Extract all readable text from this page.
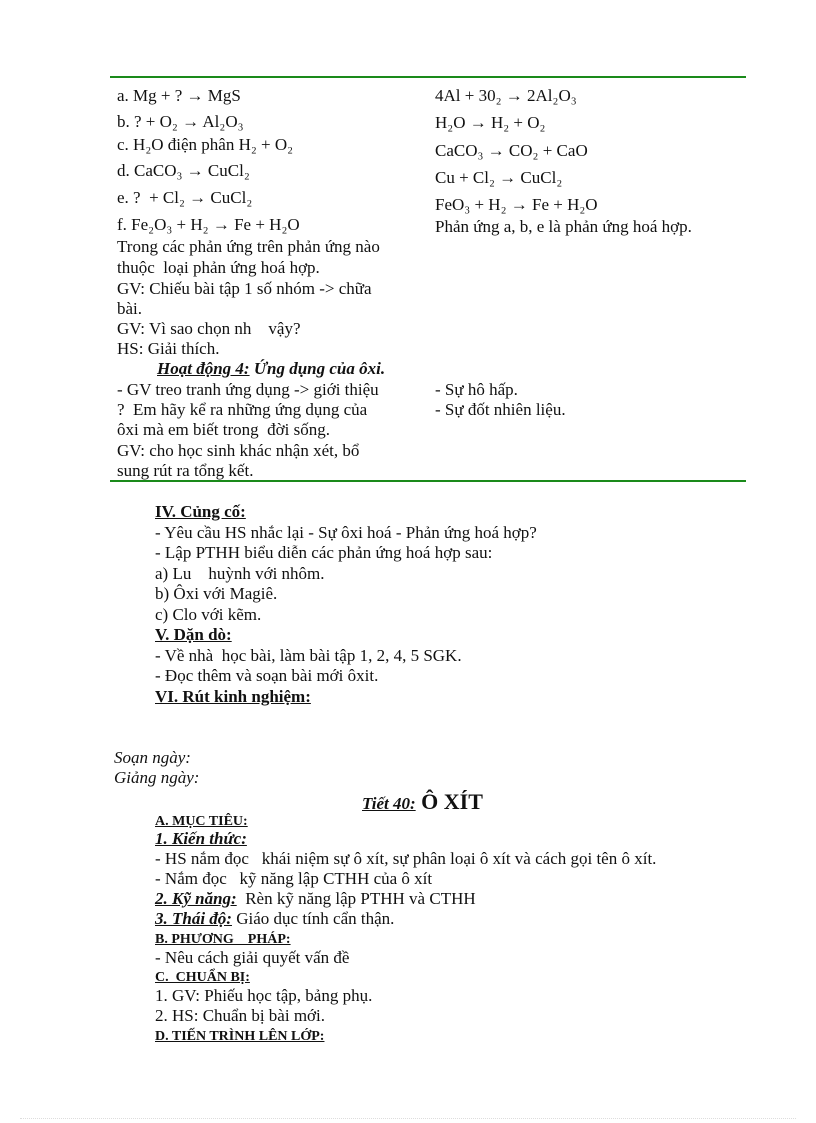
a. Mg + ? → MgS
b. ? + O₂ → Al₂O₃
c. H₂O điện phân H₂ + O₂
d. CaCO₃ → CuCl₂
e. ?  + Cl₂ → CuCl₂
f. Fe₂O₃ + H₂ → Fe + H₂O
Trong các phản ứng trên phản ứng nào
thuộc  loại phản ứng hoá hợp.
GV: Chiếu bài tập 1 số nhóm -> chữa
bài.
GV: Vì sao chọn nh    vậy?
HS: Giải thích.
4Al + 30₂ → 2Al₂O₃
H₂O → H₂ + O₂
CaCO₃ → CO₂ + CaO
Cu + Cl₂ → CuCl₂
FeO₃ + H₂ → Fe + H₂O
Phản ứng a, b, e là phản ứng hoá hợp.
Hoạt động 4: Ứng dụng của ôxi.
- GV treo tranh ứng dụng -> giới thiệu
?  Em hãy kể ra những ứng dụng của
ôxi mà em biết trong  đời sống.
GV: cho học sinh khác nhận xét, bổ
sung rút ra tổng kết.
- Sự hô hấp.
- Sự đốt nhiên liệu.
IV. Củng cố:
- Yêu cầu HS nhắc lại - Sự ôxi hoá - Phản ứng hoá hợp?
- Lập PTHH biểu diễn các phản ứng hoá hợp sau:
a) Lu    huỳnh với nhôm.
b) Ôxi với Magiê.
c) Clo với kẽm.
V. Dặn dò:
- Về nhà  học bài, làm bài tập 1, 2, 4, 5 SGK.
- Đọc thêm và soạn bài mới ôxit.
VI. Rút kinh nghiệm:
Soạn ngày:
Giảng ngày:
Tiết 40: Ô XÍT
A. MỤC TIÊU:
1. Kiến thức:
- HS nắm đọc   khái niệm sự ô xít, sự phân loại ô xít và cách gọi tên ô xít.
- Nắm đọc   kỹ năng lập CTHH của ô xít
2. Kỹ năng:  Rèn kỹ năng lập PTHH và CTHH
3. Thái độ: Giáo dục tính cẩn thận.
B. PHƯƠNG    PHÁP:
- Nêu cách giải quyết vấn đề
C.  CHUẨN BỊ:
1. GV: Phiếu học tập, bảng phụ.
2. HS: Chuẩn bị bài mới.
D. TIẾN TRÌNH LÊN LỚP:
